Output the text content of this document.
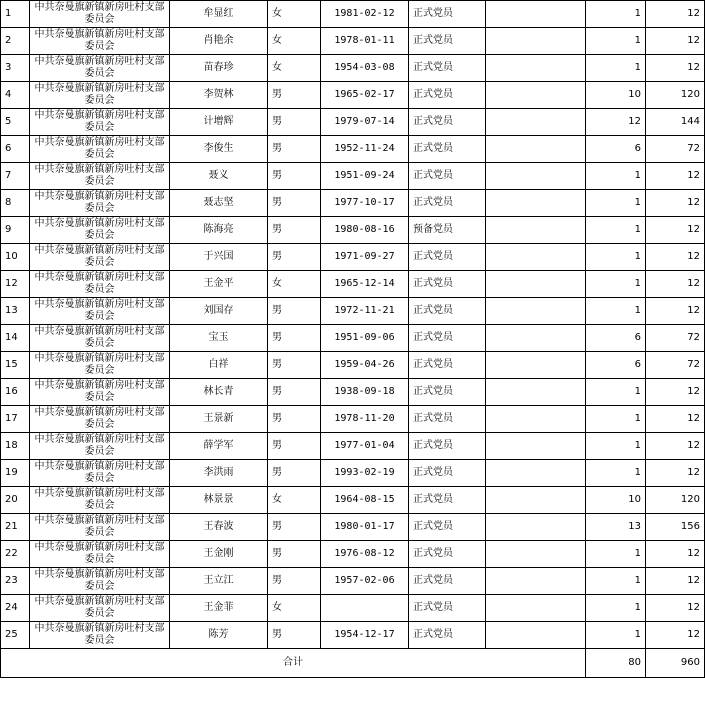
1	中共奈曼旗新镇新房吐村支部委员会	牟显红	女	1981-02-12	正式党员		1	12
2	中共奈曼旗新镇新房吐村支部委员会	肖艳余	女	1978-01-11	正式党员		1	12
3	中共奈曼旗新镇新房吐村支部委员会	苗春珍	女	1954-03-08	正式党员		1	12
4	中共奈曼旗新镇新房吐村支部委员会	李贺林	男	1965-02-17	正式党员		10	120
5	中共奈曼旗新镇新房吐村支部委员会	计增辉	男	1979-07-14	正式党员		12	144
6	中共奈曼旗新镇新房吐村支部委员会	李俊生	男	1952-11-24	正式党员		6	72
7	中共奈曼旗新镇新房吐村支部委员会	聂义	男	1951-09-24	正式党员		1	12
8	中共奈曼旗新镇新房吐村支部委员会	聂志坚	男	1977-10-17	正式党员		1	12
9	中共奈曼旗新镇新房吐村支部委员会	陈海亮	男	1980-08-16	预备党员		1	12
10	中共奈曼旗新镇新房吐村支部委员会	于兴国	男	1971-09-27	正式党员		1	12
12	中共奈曼旗新镇新房吐村支部委员会	王金平	女	1965-12-14	正式党员		1	12
13	中共奈曼旗新镇新房吐村支部委员会	刘国存	男	1972-11-21	正式党员		1	12
14	中共奈曼旗新镇新房吐村支部委员会	宝玉	男	1951-09-06	正式党员		6	72
15	中共奈曼旗新镇新房吐村支部委员会	白祥	男	1959-04-26	正式党员		6	72
16	中共奈曼旗新镇新房吐村支部委员会	林长青	男	1938-09-18	正式党员		1	12
17	中共奈曼旗新镇新房吐村支部委员会	王景新	男	1978-11-20	正式党员		1	12
18	中共奈曼旗新镇新房吐村支部委员会	薛学军	男	1977-01-04	正式党员		1	12
19	中共奈曼旗新镇新房吐村支部委员会	李洪雨	男	1993-02-19	正式党员		1	12
20	中共奈曼旗新镇新房吐村支部委员会	林景景	女	1964-08-15	正式党员		10	120
21	中共奈曼旗新镇新房吐村支部委员会	王春波	男	1980-01-17	正式党员		13	156
22	中共奈曼旗新镇新房吐村支部委员会	王金刚	男	1976-08-12	正式党员		1	12
23	中共奈曼旗新镇新房吐村支部委员会	王立江	男	1957-02-06	正式党员		1	12
24	中共奈曼旗新镇新房吐村支部委员会	王金菲	女		正式党员		1	12
25	中共奈曼旗新镇新房吐村支部委员会	陈芳	男	1954-12-17	正式党员		1	12
合计							80	960
